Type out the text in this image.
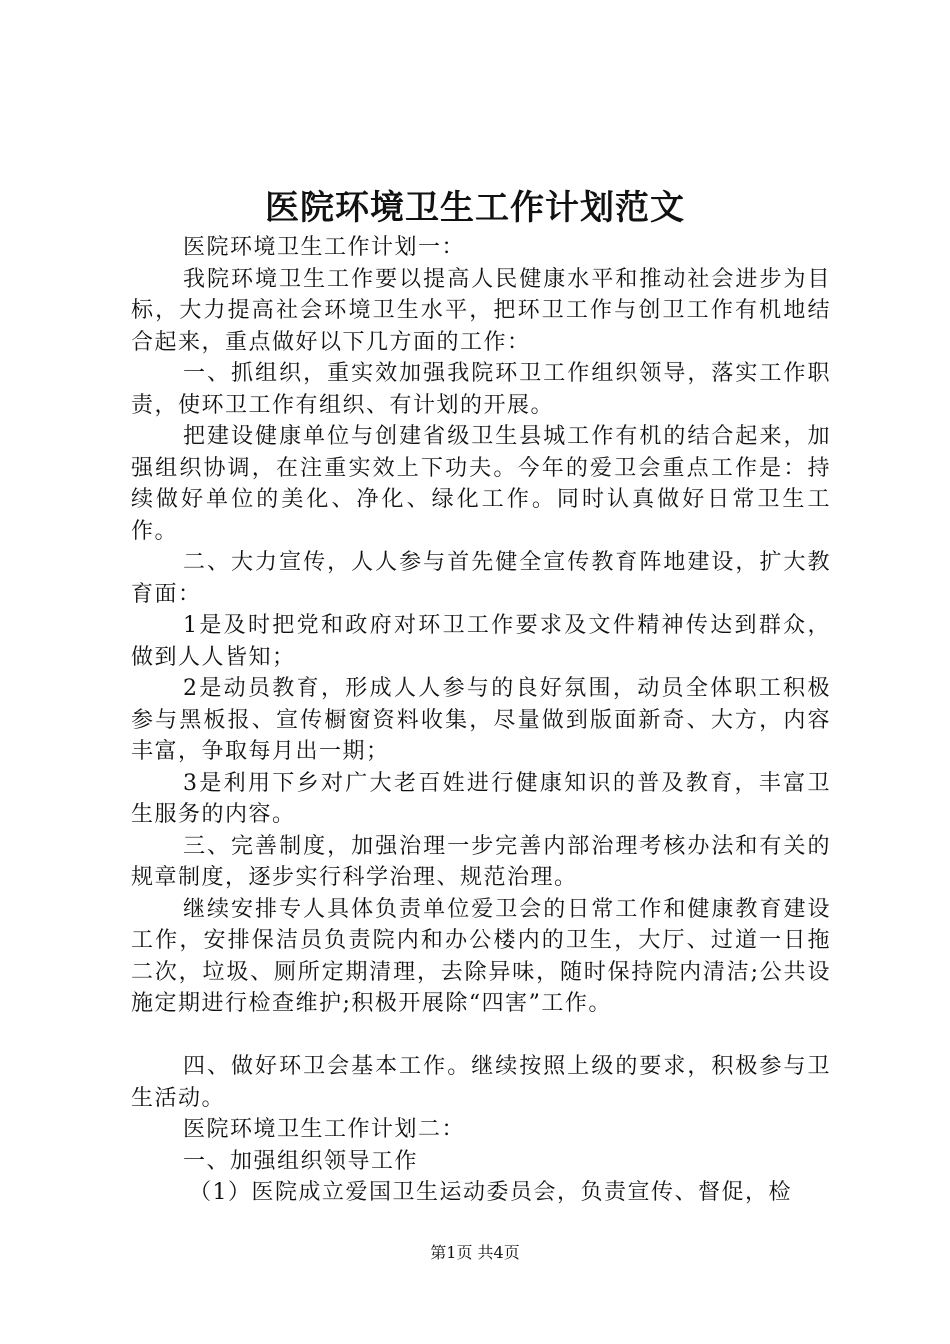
医院环境卫生工作计划范文

医院环境卫生工作计划一：

我院环境卫生工作要以提高人民健康水平和推动社会进步为目标，大力提高社会环境卫生水平，把环卫工作与创卫工作有机地结合起来，重点做好以下几方面的工作：

一、抓组织，重实效加强我院环卫工作组织领导，落实工作职责，使环卫工作有组织、有计划的开展。

把建设健康单位与创建省级卫生县城工作有机的结合起来，加强组织协调，在注重实效上下功夫。今年的爱卫会重点工作是：持续做好单位的美化、净化、绿化工作。同时认真做好日常卫生工作。

二、大力宣传，人人参与首先健全宣传教育阵地建设，扩大教育面：

1是及时把党和政府对环卫工作要求及文件精神传达到群众，做到人人皆知；

2是动员教育，形成人人参与的良好氛围，动员全体职工积极参与黑板报、宣传橱窗资料收集，尽量做到版面新奇、大方，内容丰富，争取每月出一期；

3是利用下乡对广大老百姓进行健康知识的普及教育，丰富卫生服务的内容。

三、完善制度，加强治理一步完善内部治理考核办法和有关的规章制度，逐步实行科学治理、规范治理。

继续安排专人具体负责单位爱卫会的日常工作和健康教育建设工作，安排保洁员负责院内和办公楼内的卫生，大厅、过道一日拖二次，垃圾、厕所定期清理，去除异味，随时保持院内清洁;公共设施定期进行检查维护;积极开展除“四害”工作。

四、做好环卫会基本工作。继续按照上级的要求，积极参与卫生活动。

医院环境卫生工作计划二：

一、加强组织领导工作

（1）医院成立爱国卫生运动委员会，负责宣传、督促，检

第1页 共4页
